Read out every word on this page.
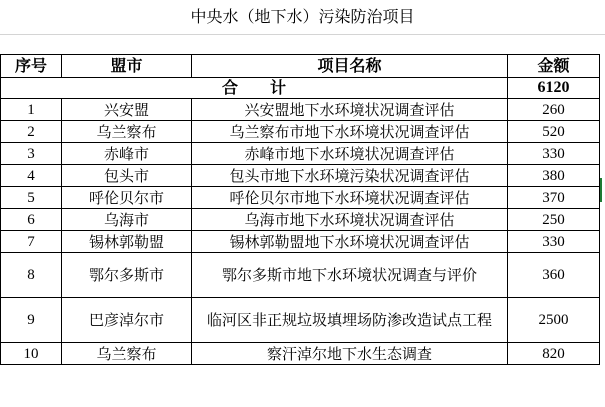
中央水（地下水）污染防治项目
序号	盟市	项目名称	金额
合　　计			6120
1	兴安盟	兴安盟地下水环境状况调查评估	260
2	乌兰察布	乌兰察布市地下水环境状况调查评估	520
3	赤峰市	赤峰市地下水环境状况调查评估	330
4	包头市	包头市地下水环境污染状况调查评估	380
5	呼伦贝尔市	呼伦贝尔市地下水环境状况调查评估	370
6	乌海市	乌海市地下水环境状况调查评估	250
7	锡林郭勒盟	锡林郭勒盟地下水环境状况调查评估	330
8	鄂尔多斯市	鄂尔多斯市地下水环境状况调查与评价	360
9	巴彦淖尔市	临河区非正规垃圾填埋场防渗改造试点工程	2500
10	乌兰察布	察汗淖尔地下水生态调查	820
